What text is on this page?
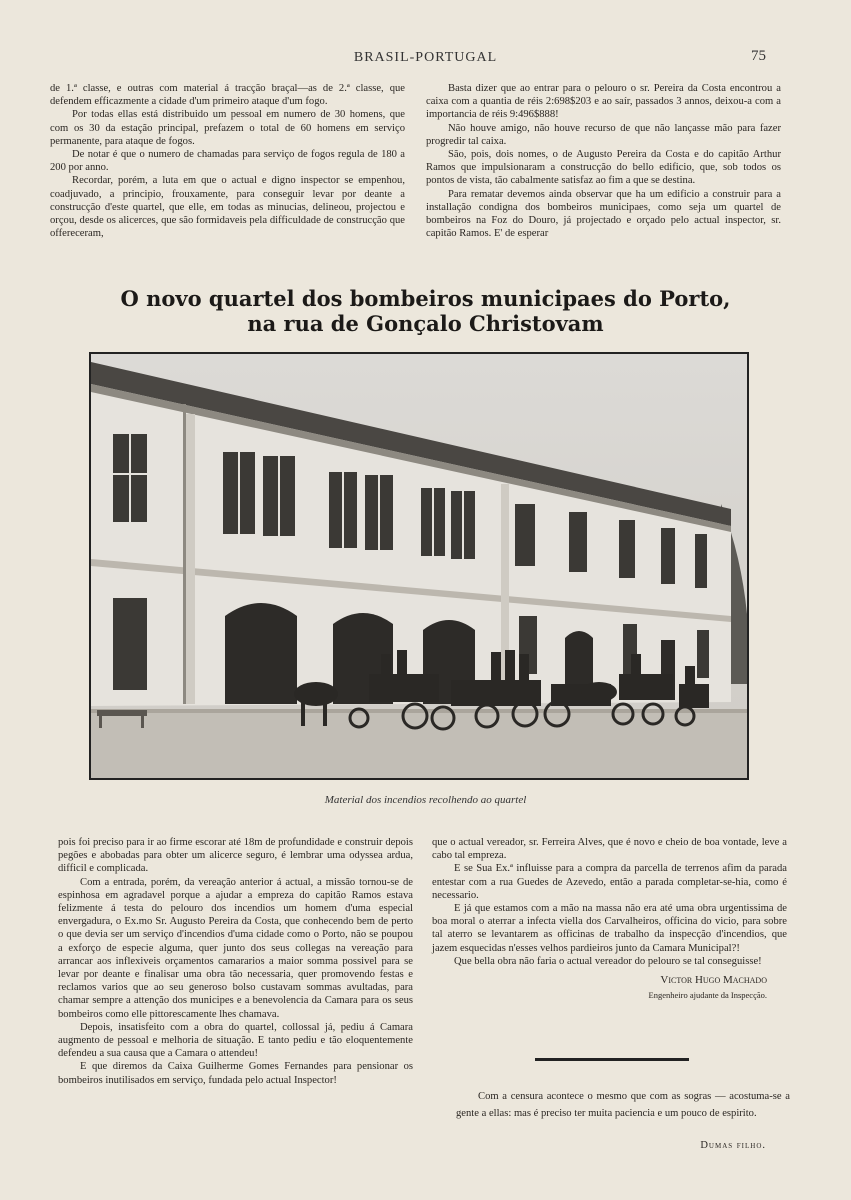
BRASIL-PORTUGAL	75

de 1.ª classe, e outras com material á tracção braçal—as de 2.ª classe, que defendem efficazmente a cidade d'um primeiro ataque d'um fogo.

Por todas ellas está distribuido um pessoal em numero de 30 homens, que com os 30 da estação principal, prefazem o total de 60 homens em serviço permanente, para ataque de fogos.

De notar é que o numero de chamadas para serviço de fogos regula de 180 a 200 por anno.

Recordar, porém, a luta em que o actual e digno inspector se empenhou, coadjuvado, a principio, frouxamente, para conseguir levar por deante a construcção d'este quartel, que elle, em todas as minucias, delineou, projectou e orçou, desde os alicerces, que são formidaveis pela difficuldade de construcção que offereceram,

Basta dizer que ao entrar para o pelouro o sr. Pereira da Costa encontrou a caixa com a quantia de réis 2:698$203 e ao saír, passados 3 annos, deixou-a com a importancia de réis 9:496$888!

Não houve amigo, não houve recurso de que não lançasse mão para fazer progredir tal caixa.

São, pois, dois nomes, o de Augusto Pereira da Costa e do capitão Arthur Ramos que impulsionaram a construcção do bello edificio, que, sob todos os pontos de vista, tão cabalmente satisfaz ao fim a que se destina.

Para rematar devemos ainda observar que ha um edificio a construir para a installação condigna dos bombeiros municipaes, como seja um quartel de bombeiros na Foz do Douro, já projectado e orçado pelo actual inspector, sr. capitão Ramos. E' de esperar

O novo quartel dos bombeiros municipaes do Porto,
na rua de Gonçalo Christovam
Material dos incendios recolhendo ao quartel

pois foi preciso para ir ao firme escorar até 18m de profundidade e construir depois pegões e abobadas para obter um alicerce seguro, é lembrar uma odyssea ardua, difficil e complicada.

Com a entrada, porém, da vereação anterior á actual, a missão tornou-se de espinhosa em agradavel porque a ajudar a empreza do capitão Ramos estava felizmente á testa do pelouro dos incendios um homem d'uma especial envergadura, o Ex.mo Sr. Augusto Pereira da Costa, que conhecendo bem de perto o que devia ser um serviço d'incendios d'uma cidade como o Porto, não se poupou a exforço de especie alguma, quer junto dos seus collegas na vereação para arrancar aos inflexiveis orçamentos camararios a maior somma possivel para se levar por deante e finalisar uma obra tão necessaria, quer promovendo festas e reclamos varios que ao seu generoso bolso custavam sommas avultadas, para chamar sempre a attenção dos municipes e a benevolencia da Camara para os seus bombeiros como elle pittorescamente lhes chamava.

Depois, insatisfeito com a obra do quartel, collossal já, pediu á Camara augmento de pessoal e melhoria de situação. E tanto pediu e tão eloquentemente defendeu a sua causa que a Camara o attendeu!

E que diremos da Caixa Guilherme Gomes Fernandes para pensionar os bombeiros inutilisados em serviço, fundada pelo actual Inspector!

que o actual vereador, sr. Ferreira Alves, que é novo e cheio de boa vontade, leve a cabo tal empreza.

E se Sua Ex.ª influisse para a compra da parcella de terrenos afim da parada entestar com a rua Guedes de Azevedo, então a parada completar-se-hia, como é necessario.

E já que estamos com a mão na massa não era até uma obra urgentissima de boa moral o aterrar a infecta viella dos Carvalheiros, officina do vicio, para sobre tal aterro se levantarem as officinas de trabalho da inspecção d'incendios, que jazem esquecidas n'esses velhos pardieiros junto da Camara Municipal?!

Que bella obra não faria o actual vereador do pelouro se tal conseguisse!

Victor Hugo Machado
Engenheiro ajudante da Inspecção.

Com a censura acontece o mesmo que com as sogras — acostuma-se a gente a ellas: mas é preciso ter muita paciencia e um pouco de espirito.

Dumas filho.
